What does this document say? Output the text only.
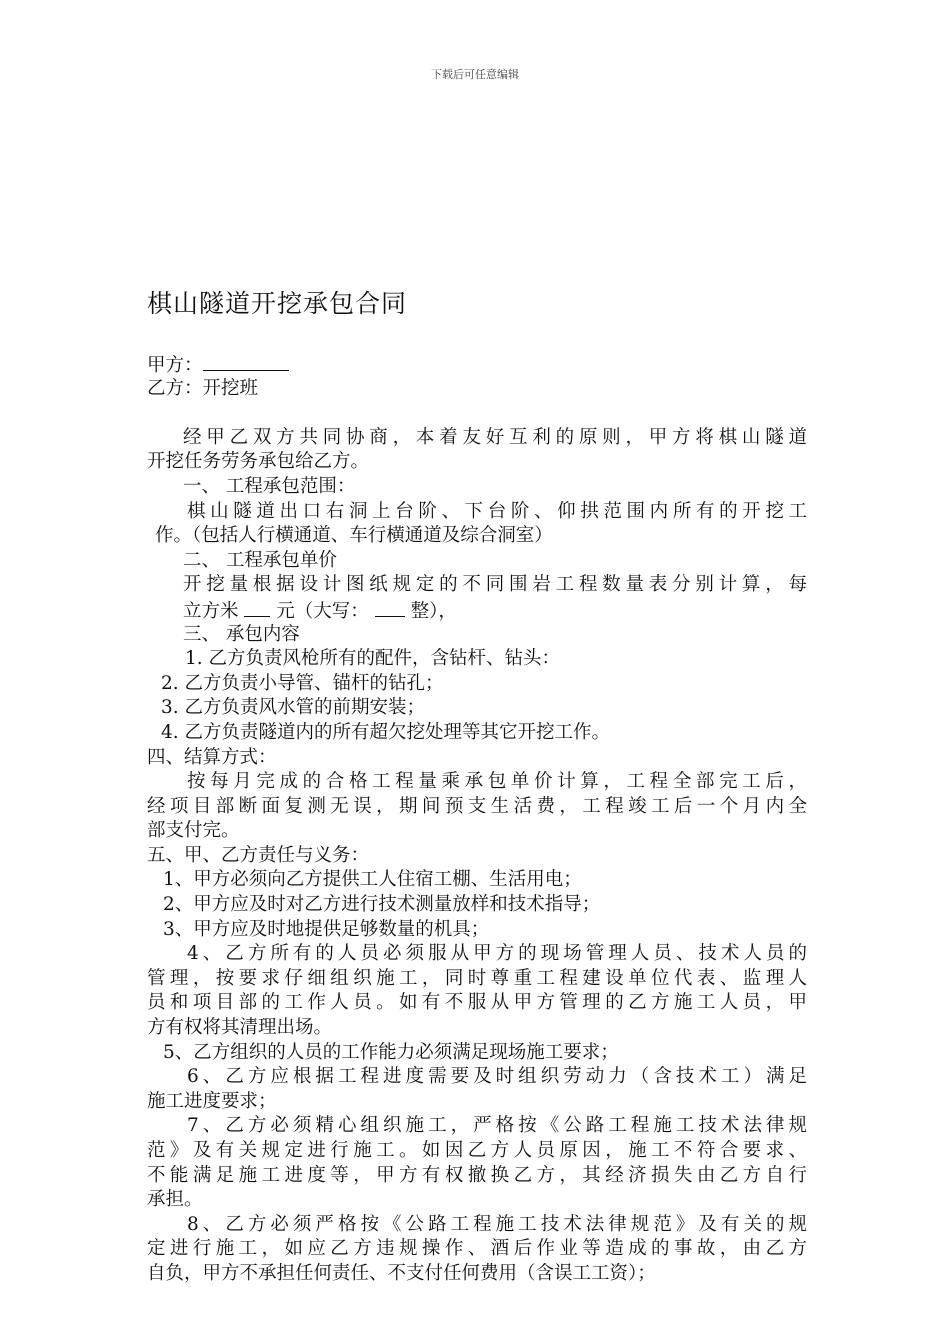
下载后可任意编辑
棋山隧道开挖承包合同
甲方：
乙方：开挖班
经甲乙双方共同协商，本着友好互利的原则，甲方将棋山隧道
开挖任务劳务承包给乙方。
一、 工程承包范围：
棋山隧道出口右洞上台阶、下台阶、仰拱范围内所有的开挖工
作。（包括人行横通道、车行横通道及综合洞室）
二、 工程承包单价
开挖量根据设计图纸规定的不同围岩工程数量表分别计算，每
立方米 元（大写： 整），
三、 承包内容
1. 乙方负责风枪所有的配件，含钻杆、钻头：
2. 乙方负责小导管、锚杆的钻孔；
3. 乙方负责风水管的前期安装；
4. 乙方负责隧道内的所有超欠挖处理等其它开挖工作。
四、结算方式：
按每月完成的合格工程量乘承包单价计算，工程全部完工后，
经项目部断面复测无误，期间预支生活费，工程竣工后一个月内全
部支付完。
五、甲、乙方责任与义务：
1、甲方必须向乙方提供工人住宿工棚、生活用电；
2、甲方应及时对乙方进行技术测量放样和技术指导；
3、甲方应及时地提供足够数量的机具；
4、乙方所有的人员必须服从甲方的现场管理人员、技术人员的
管理，按要求仔细组织施工，同时尊重工程建设单位代表、监理人
员和项目部的工作人员。如有不服从甲方管理的乙方施工人员，甲
方有权将其清理出场。
5、乙方组织的人员的工作能力必须满足现场施工要求；
6、乙方应根据工程进度需要及时组织劳动力（含技术工）满足
施工进度要求；
7、乙方必须精心组织施工，严格按《公路工程施工技术法律规
范》及有关规定进行施工。如因乙方人员原因，施工不符合要求、
不能满足施工进度等，甲方有权撤换乙方，其经济损失由乙方自行
承担。
8、乙方必须严格按《公路工程施工技术法律规范》及有关的规
定进行施工，如应乙方违规操作、酒后作业等造成的事故，由乙方
自负，甲方不承担任何责任、不支付任何费用（含误工工资）；
